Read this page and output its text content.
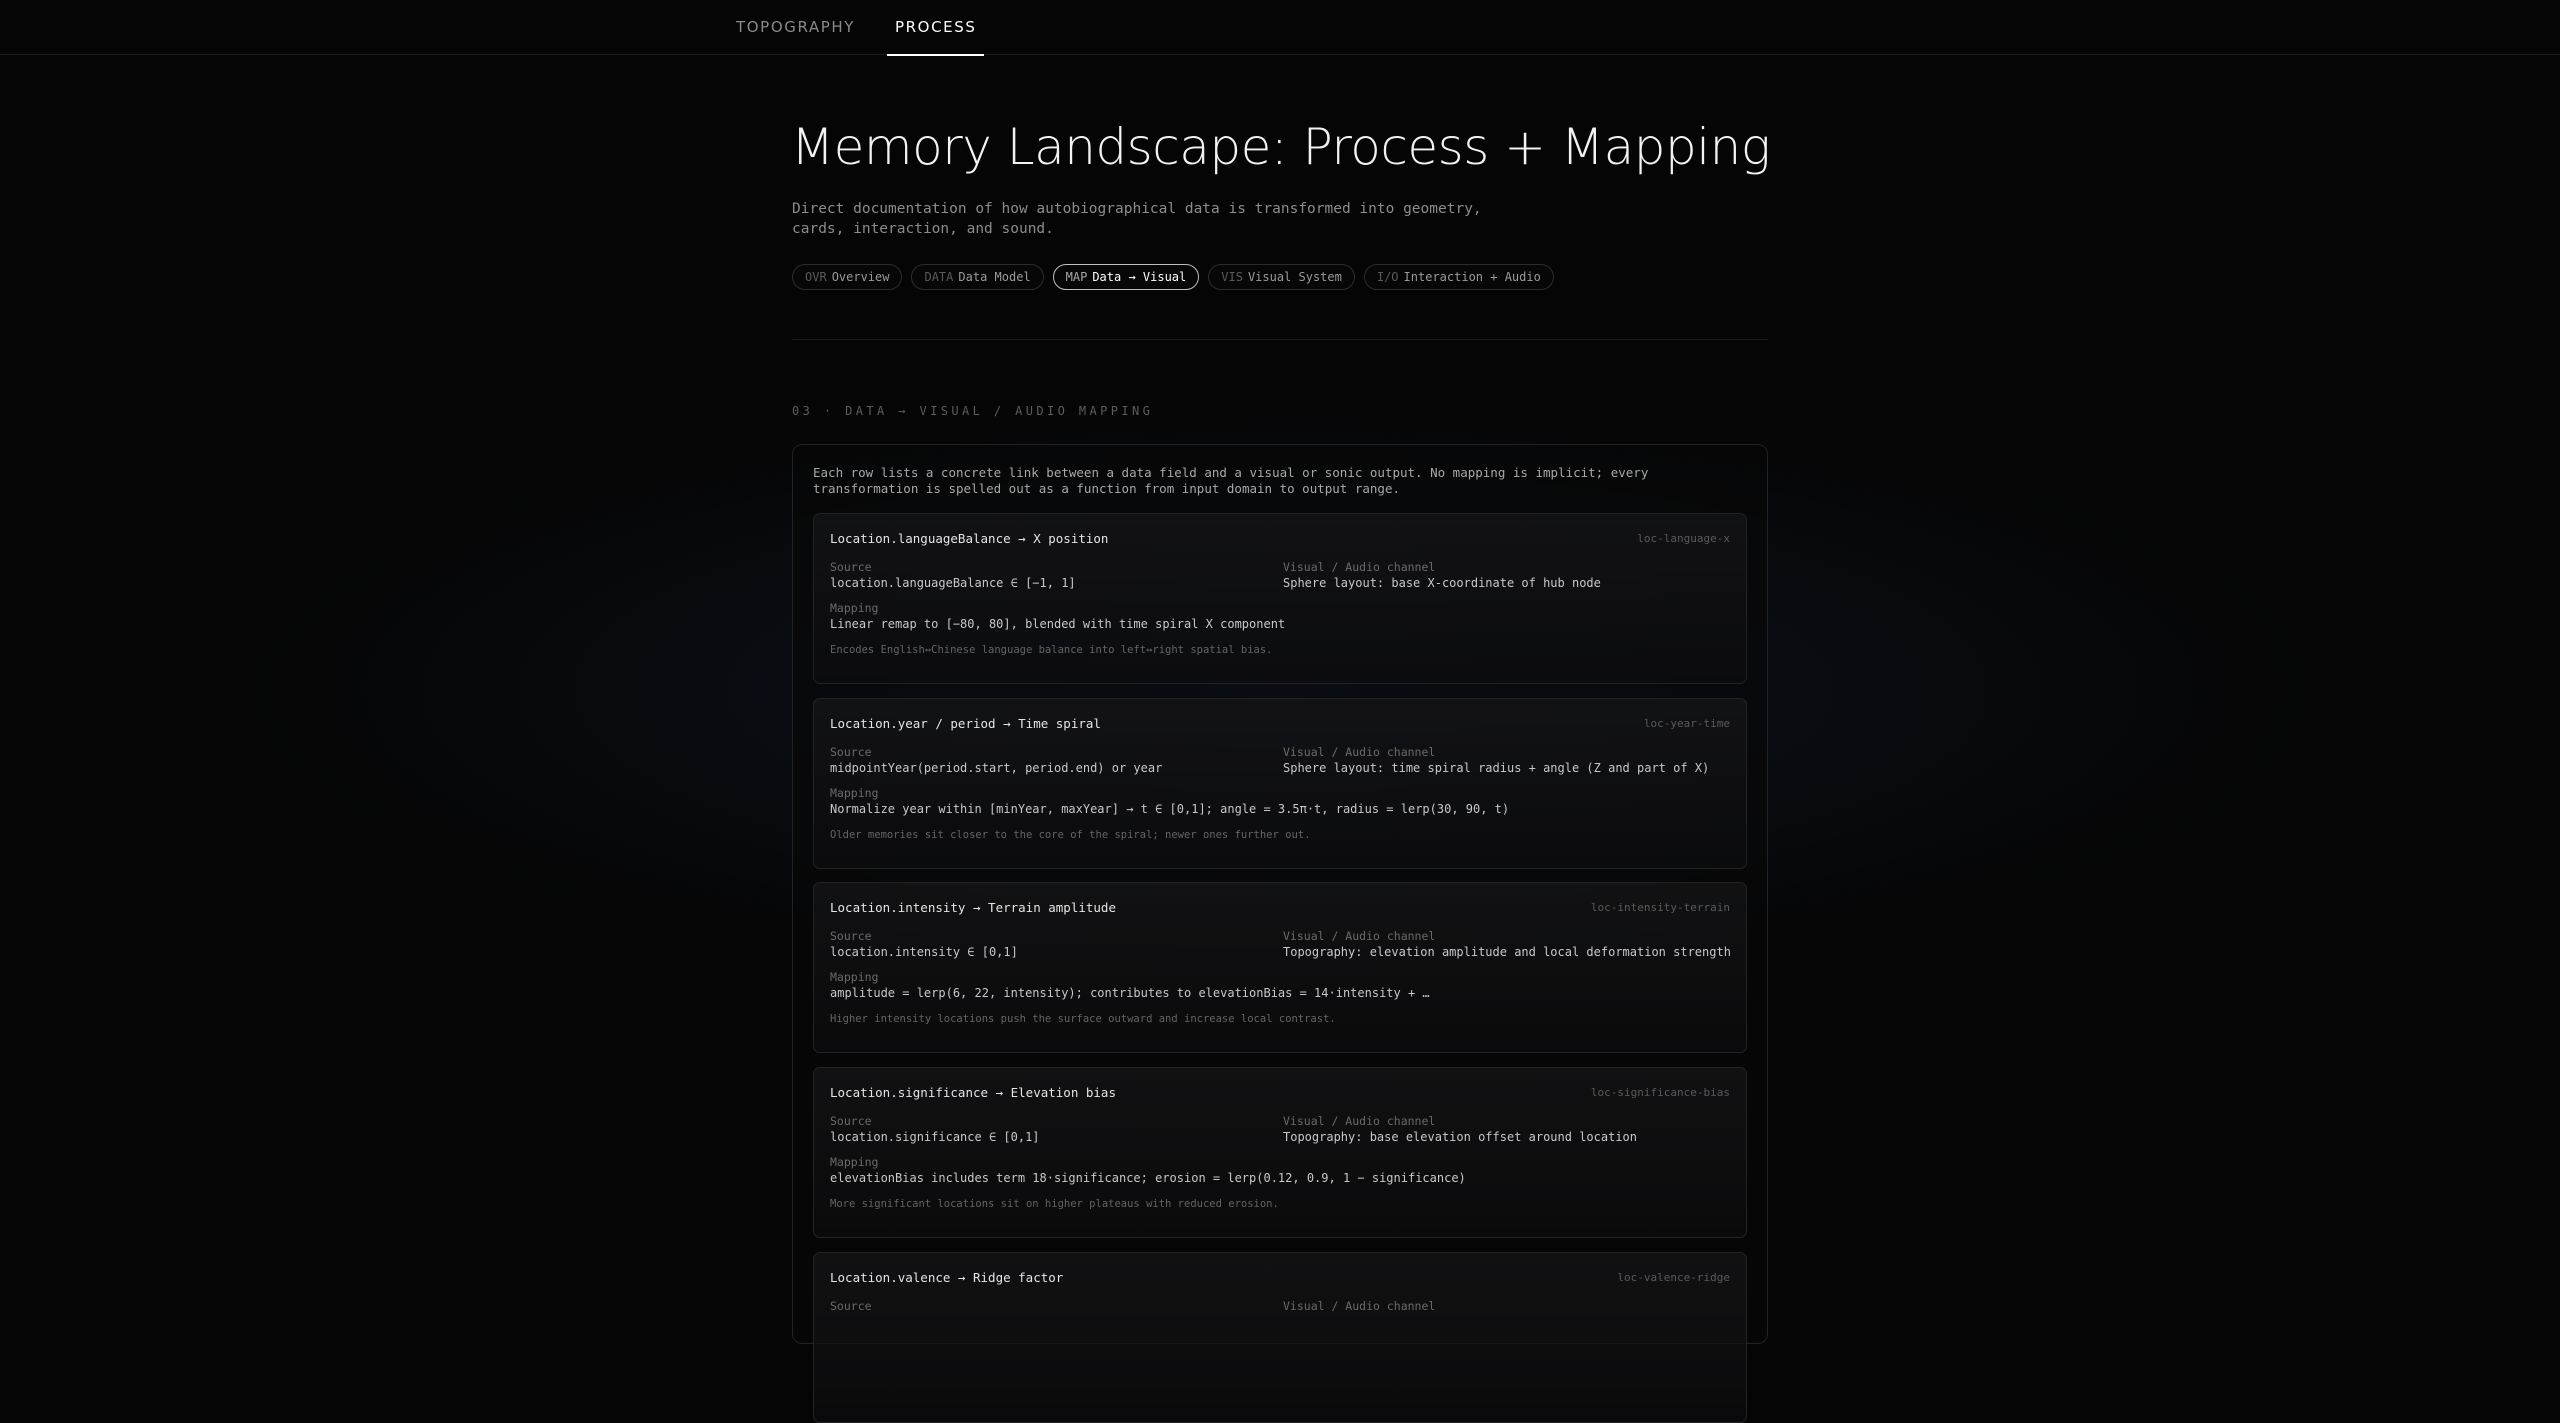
TOPOGRAPHY	PROCESS
Memory Landscape: Process + Mapping

Direct documentation of how autobiographical data is transformed into geometry, cards, interaction, and sound.

OVR Overview	DATA Data Model	MAP Data → Visual	VIS Visual System	I/O Interaction + Audio
03 · DATA → VISUAL / AUDIO MAPPING

Each row lists a concrete link between a data field and a visual or sonic output. No mapping is implicit; every transformation is spelled out as a function from input domain to output range.

Location.languageBalance → X position	loc-language-x
Source
location.languageBalance ∈ [−1, 1]
Visual / Audio channel
Sphere layout: base X-coordinate of hub node
Mapping
Linear remap to [−80, 80], blended with time spiral X component
Encodes English↔Chinese language balance into left↔right spatial bias.
Location.year / period → Time spiral	loc-year-time
Source
midpointYear(period.start, period.end) or year
Visual / Audio channel
Sphere layout: time spiral radius + angle (Z and part of X)
Mapping
Normalize year within [minYear, maxYear] → t ∈ [0,1]; angle = 3.5π·t, radius = lerp(30, 90, t)
Older memories sit closer to the core of the spiral; newer ones further out.
Location.intensity → Terrain amplitude	loc-intensity-terrain
Source
location.intensity ∈ [0,1]
Visual / Audio channel
Topography: elevation amplitude and local deformation strength
Mapping
amplitude = lerp(6, 22, intensity); contributes to elevationBias = 14·intensity + …
Higher intensity locations push the surface outward and increase local contrast.
Location.significance → Elevation bias	loc-significance-bias
Source
location.significance ∈ [0,1]
Visual / Audio channel
Topography: base elevation offset around location
Mapping
elevationBias includes term 18·significance; erosion = lerp(0.12, 0.9, 1 − significance)
More significant locations sit on higher plateaus with reduced erosion.
Location.valence → Ridge factor	loc-valence-ridge
Source	Visual / Audio channel
